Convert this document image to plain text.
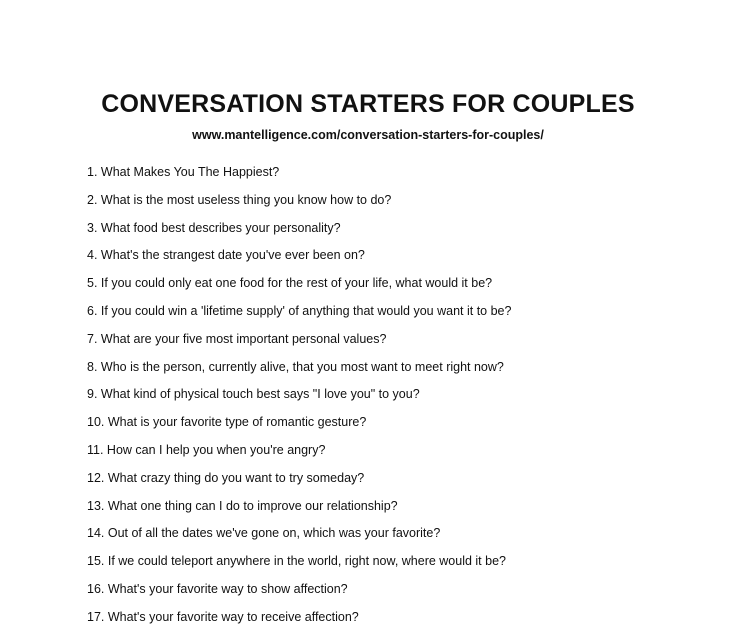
CONVERSATION STARTERS FOR COUPLES
www.mantelligence.com/conversation-starters-for-couples/
1. What Makes You The Happiest?
2. What is the most useless thing you know how to do?
3. What food best describes your personality?
4. What's the strangest date you've ever been on?
5. If you could only eat one food for the rest of your life, what would it be?
6. If you could win a 'lifetime supply' of anything that would you want it to be?
7. What are your five most important personal values?
8. Who is the person, currently alive, that you most want to meet right now?
9. What kind of physical touch best says "I love you" to you?
10. What is your favorite type of romantic gesture?
11. How can I help you when you're angry?
12. What crazy thing do you want to try someday?
13. What one thing can I do to improve our relationship?
14. Out of all the dates we've gone on, which was your favorite?
15. If we could teleport anywhere in the world, right now, where would it be?
16. What's your favorite way to show affection?
17. What's your favorite way to receive affection?
